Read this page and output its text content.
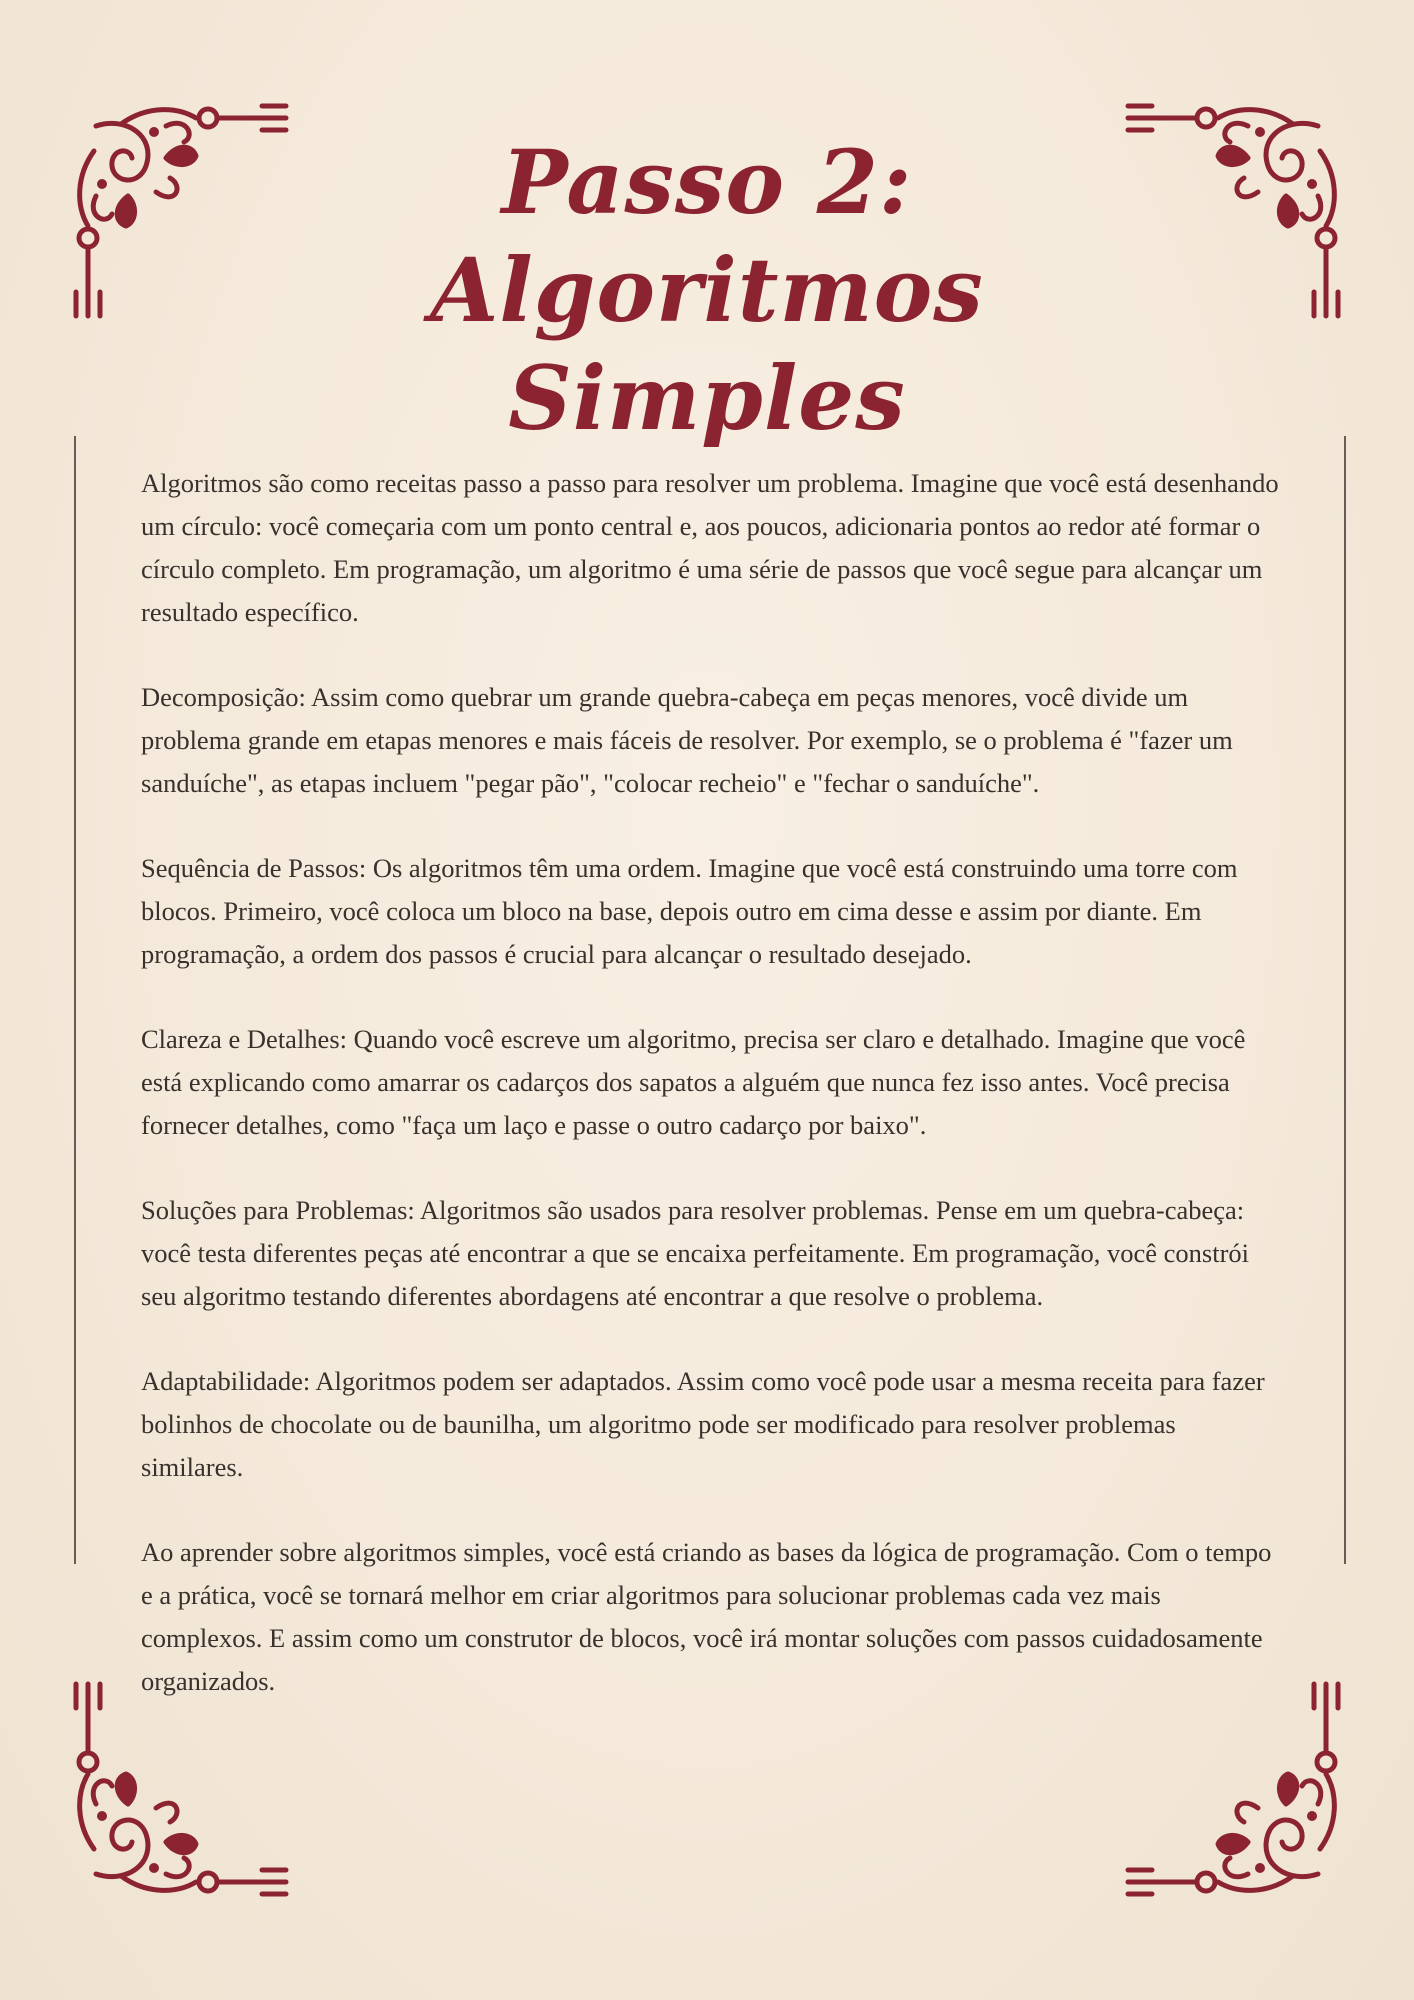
Passo 2: Algoritmos
Simples

Algoritmos são como receitas passo a passo para resolver um problema. Imagine que você está desenhando um círculo: você começaria com um ponto central e, aos poucos, adicionaria pontos ao redor até formar o círculo completo. Em programação, um algoritmo é uma série de passos que você segue para alcançar um resultado específico.

Decomposição: Assim como quebrar um grande quebra-cabeça em peças menores, você divide um problema grande em etapas menores e mais fáceis de resolver. Por exemplo, se o problema é "fazer um sanduíche", as etapas incluem "pegar pão", "colocar recheio" e "fechar o sanduíche".

Sequência de Passos: Os algoritmos têm uma ordem. Imagine que você está construindo uma torre com blocos. Primeiro, você coloca um bloco na base, depois outro em cima desse e assim por diante. Em programação, a ordem dos passos é crucial para alcançar o resultado desejado.

Clareza e Detalhes: Quando você escreve um algoritmo, precisa ser claro e detalhado. Imagine que você está explicando como amarrar os cadarços dos sapatos a alguém que nunca fez isso antes. Você precisa fornecer detalhes, como "faça um laço e passe o outro cadarço por baixo".

Soluções para Problemas: Algoritmos são usados para resolver problemas. Pense em um quebra-cabeça: você testa diferentes peças até encontrar a que se encaixa perfeitamente. Em programação, você constrói seu algoritmo testando diferentes abordagens até encontrar a que resolve o problema.

Adaptabilidade: Algoritmos podem ser adaptados. Assim como você pode usar a mesma receita para fazer bolinhos de chocolate ou de baunilha, um algoritmo pode ser modificado para resolver problemas similares.

Ao aprender sobre algoritmos simples, você está criando as bases da lógica de programação. Com o tempo e a prática, você se tornará melhor em criar algoritmos para solucionar problemas cada vez mais complexos. E assim como um construtor de blocos, você irá montar soluções com passos cuidadosamente organizados.
